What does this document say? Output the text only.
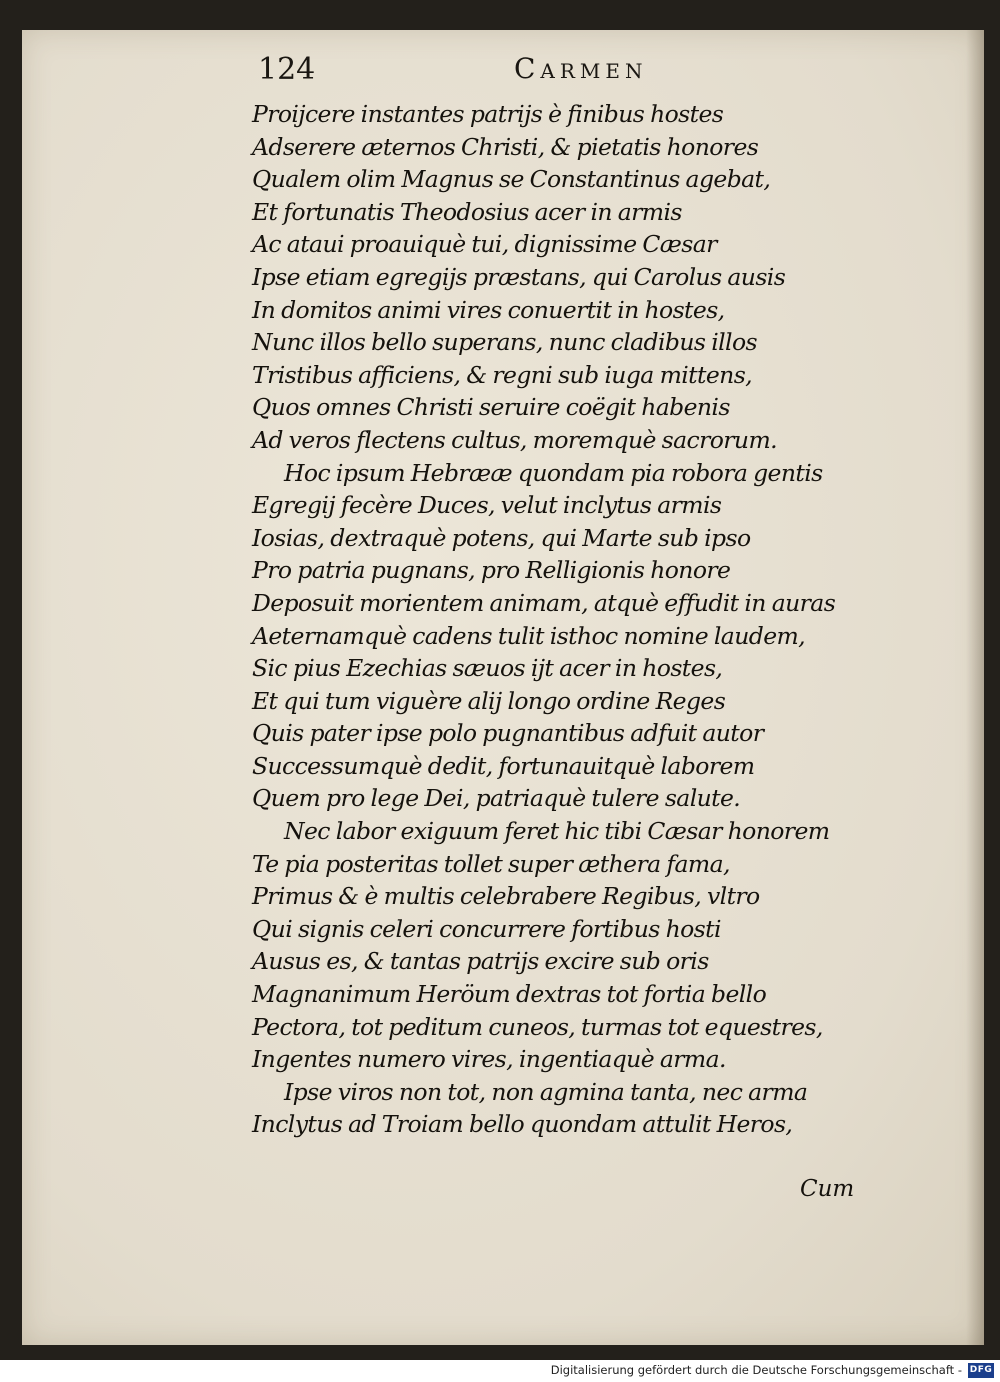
124	Carmen
Proijcere instantes patrijs è finibus hostes
Adserere æternos Christi, & pietatis honores
Qualem olim Magnus se Constantinus agebat,
Et fortunatis Theodosius acer in armis
Ac ataui proauiquè tui, dignissime Cæsar
Ipse etiam egregijs præstans, qui Carolus ausis
In domitos animi vires conuertit in hostes,
Nunc illos bello superans, nunc cladibus illos
Tristibus afficiens, & regni sub iuga mittens,
Quos omnes Christi seruire coëgit habenis
Ad veros flectens cultus, moremquè sacrorum.
Hoc ipsum Hebrææ quondam pia robora gentis
Egregij fecère Duces, velut inclytus armis
Iosias, dextraquè potens, qui Marte sub ipso
Pro patria pugnans, pro Relligionis honore
Deposuit morientem animam, atquè effudit in auras
Aeternamquè cadens tulit isthoc nomine laudem,
Sic pius Ezechias sæuos ijt acer in hostes,
Et qui tum viguère alij longo ordine Reges
Quis pater ipse polo pugnantibus adfuit autor
Successumquè dedit, fortunauitquè laborem
Quem pro lege Dei, patriaquè tulere salute.
Nec labor exiguum feret hic tibi Cæsar honorem
Te pia posteritas tollet super æthera fama,
Primus & è multis celebrabere Regibus, vltro
Qui signis celeri concurrere fortibus hosti
Ausus es, & tantas patrijs excire sub oris
Magnanimum Heröum dextras tot fortia bello
Pectora, tot peditum cuneos, turmas tot equestres,
Ingentes numero vires, ingentiaquè arma.
Ipse viros non tot, non agmina tanta, nec arma
Inclytus ad Troiam bello quondam attulit Heros,
Cum
Digitalisierung gefördert durch die Deutsche Forschungsgemeinschaft - DFG
